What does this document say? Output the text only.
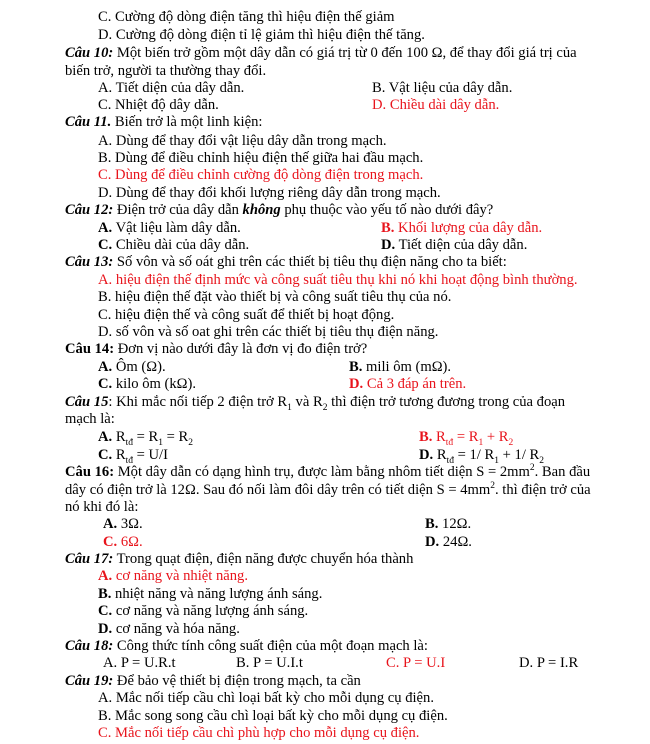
C. Cường độ dòng điện tăng thì hiệu điện thế giảm
D. Cường độ dòng điện tỉ lệ giảm thì hiệu điện thế tăng.
Câu 10: Một biến trở gồm một dây dẫn có giá trị từ 0 đến 100 Ω, để thay đổi giá trị của
biến trở, người ta thường thay đổi.
A. Tiết diện của dây dẫn.	B. Vật liệu của dây dẫn.
C. Nhiệt độ dây dẫn.	D. Chiều dài dây dẫn.
Câu 11. Biến trở là một linh kiện:
A. Dùng để thay đổi vật liệu dây dẫn trong mạch.
B. Dùng để điều chỉnh hiệu điện thế giữa hai đầu mạch.
C. Dùng để điều chỉnh cường độ dòng điện trong mạch.
D. Dùng để thay đổi khối lượng riêng dây dẫn trong mạch.
Câu 12: Điện trở của dây dẫn không phụ thuộc vào yếu tố nào dưới đây?
A. Vật liệu làm dây dẫn.	B. Khối lượng của dây dẫn.
C. Chiều dài của dây dẫn.	D. Tiết diện của dây dẫn.
Câu 13: Số vôn và số oát ghi trên các thiết bị tiêu thụ điện năng cho ta biết:
A. hiệu điện thế định mức và công suất tiêu thụ khi nó khi hoạt động bình thường.
B. hiệu điện thế đặt vào thiết bị và công suất tiêu thụ của nó.
C. hiệu điện thế và công suất để thiết bị hoạt động.
D. số vôn và số oat ghi trên các thiết bị tiêu thụ điện năng.
Câu 14: Đơn vị nào dưới đây là đơn vị đo điện trở?
A. Ôm (Ω).	B. mili ôm (mΩ).
C. kilo ôm (kΩ).	D. Cả 3 đáp án trên.
Câu 15: Khi mắc nối tiếp 2 điện trở $R_1$ và $R_2$ thì điện trở tương đương trong của đoạn
mạch là:
A. $R_{tđ} = R_1 = R_2$	B. $R_{tđ} = R_1 + R_2$
C. $R_{tđ} = U/I$	D. $R_{tđ} = 1/$ $R_1 + 1/$ $R_2$
Câu 16: Một dây dẫn có dạng hình trụ, được làm bằng nhôm tiết diện $S = 2mm^2$. Ban đầu
dây có điện trở là 12Ω. Sau đó nối làm đôi dây trên có tiết diện $S = 4mm^2$. thì điện trở của
nó khi đó là:
A. 3Ω.	B. 12Ω.
C. 6Ω.	D. 24Ω.
Câu 17: Trong quạt điện, điện năng được chuyển hóa thành
A. cơ năng và nhiệt năng.
B. nhiệt năng và năng lượng ánh sáng.
C. cơ năng và năng lượng ánh sáng.
D. cơ năng và hóa năng.
Câu 18: Công thức tính công suất điện của một đoạn mạch là:
A. P = U.R.t	B. P = U.I.t	C. P = U.I	D. P = I.R
Câu 19: Để bảo vệ thiết bị điện trong mạch, ta cần
A. Mắc nối tiếp cầu chì loại bất kỳ cho mỗi dụng cụ điện.
B. Mắc song song cầu chì loại bất kỳ cho mỗi dụng cụ điện.
C. Mắc nối tiếp cầu chì phù hợp cho mỗi dụng cụ điện.
